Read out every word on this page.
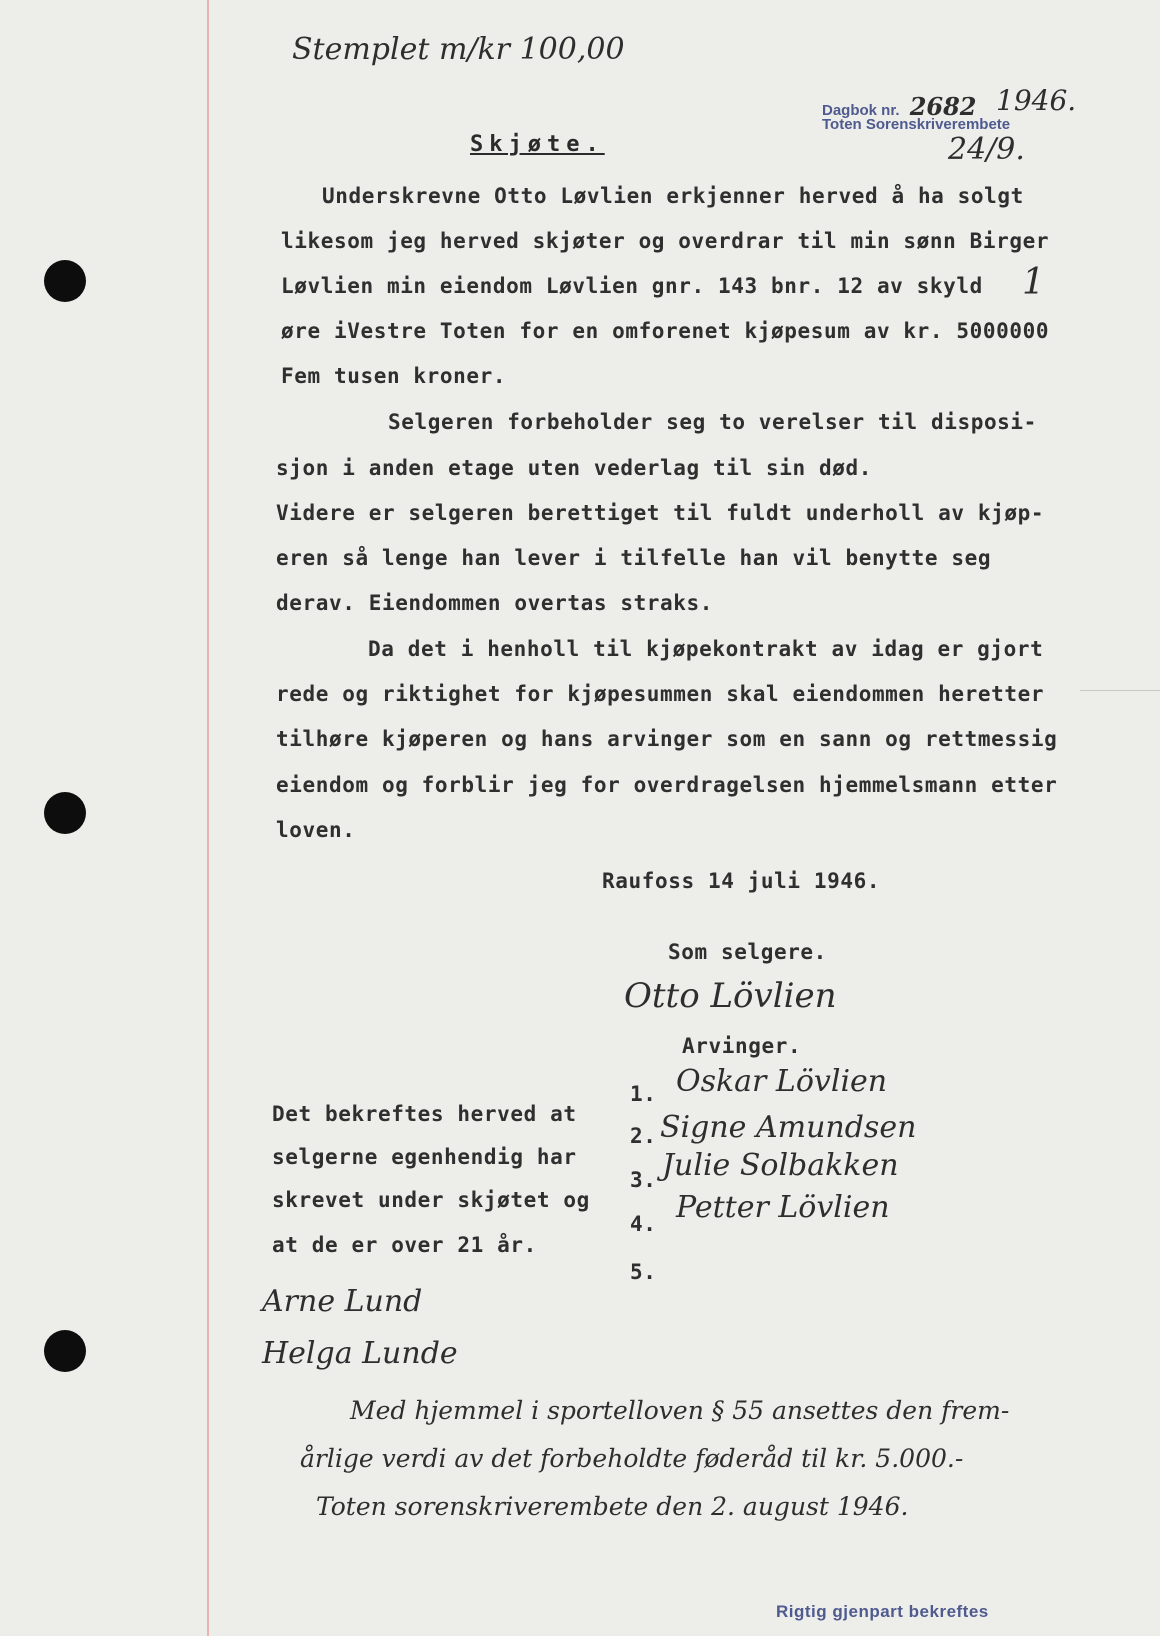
Stemplet m/kr 100,00
Dagbok nr. 2682 1946.
Toten Sorenskriverembete
24/9.
Skjøte.
Underskrevne Otto Løvlien erkjenner herved å ha solgt
likesom jeg herved skjøter og overdrar til min sønn Birger
Løvlien min eiendom Løvlien gnr. 143 bnr. 12 av skyld 1
øre iVestre Toten for en omforenet kjøpesum av kr. 5000000
Fem tusen kroner.
Selgeren forbeholder seg to verelser til disposi-
sjon i anden etage uten vederlag til sin død.
Videre er selgeren berettiget til fuldt underholl av kjøp-
eren så lenge han lever i tilfelle han vil benytte seg
derav. Eiendommen overtas straks.
Da det i henholl til kjøpekontrakt av idag er gjort
rede og riktighet for kjøpesummen skal eiendommen heretter
tilhøre kjøperen og hans arvinger som en sann og rettmessig
eiendom og forblir jeg for overdragelsen hjemmelsmann etter
loven.
Raufoss 14 juli 1946.
Som selgere.
Otto Lövlien
Arvinger.
1. Oskar Lövlien
2. Signe Amundsen
3. Julie Solbakken
4. Petter Lövlien
5.
Det bekreftes herved at
selgerne egenhendig har
skrevet under skjøtet og
at de er over 21 år.
Arne Lund
Helga Lunde
Med hjemmel i sportelloven § 55 ansettes den frem-
årlige verdi av det forbeholdte føderåd til kr. 5.000.-
Toten sorenskriverembete den 2. august 1946.
Rigtig gjenpart bekreftes
